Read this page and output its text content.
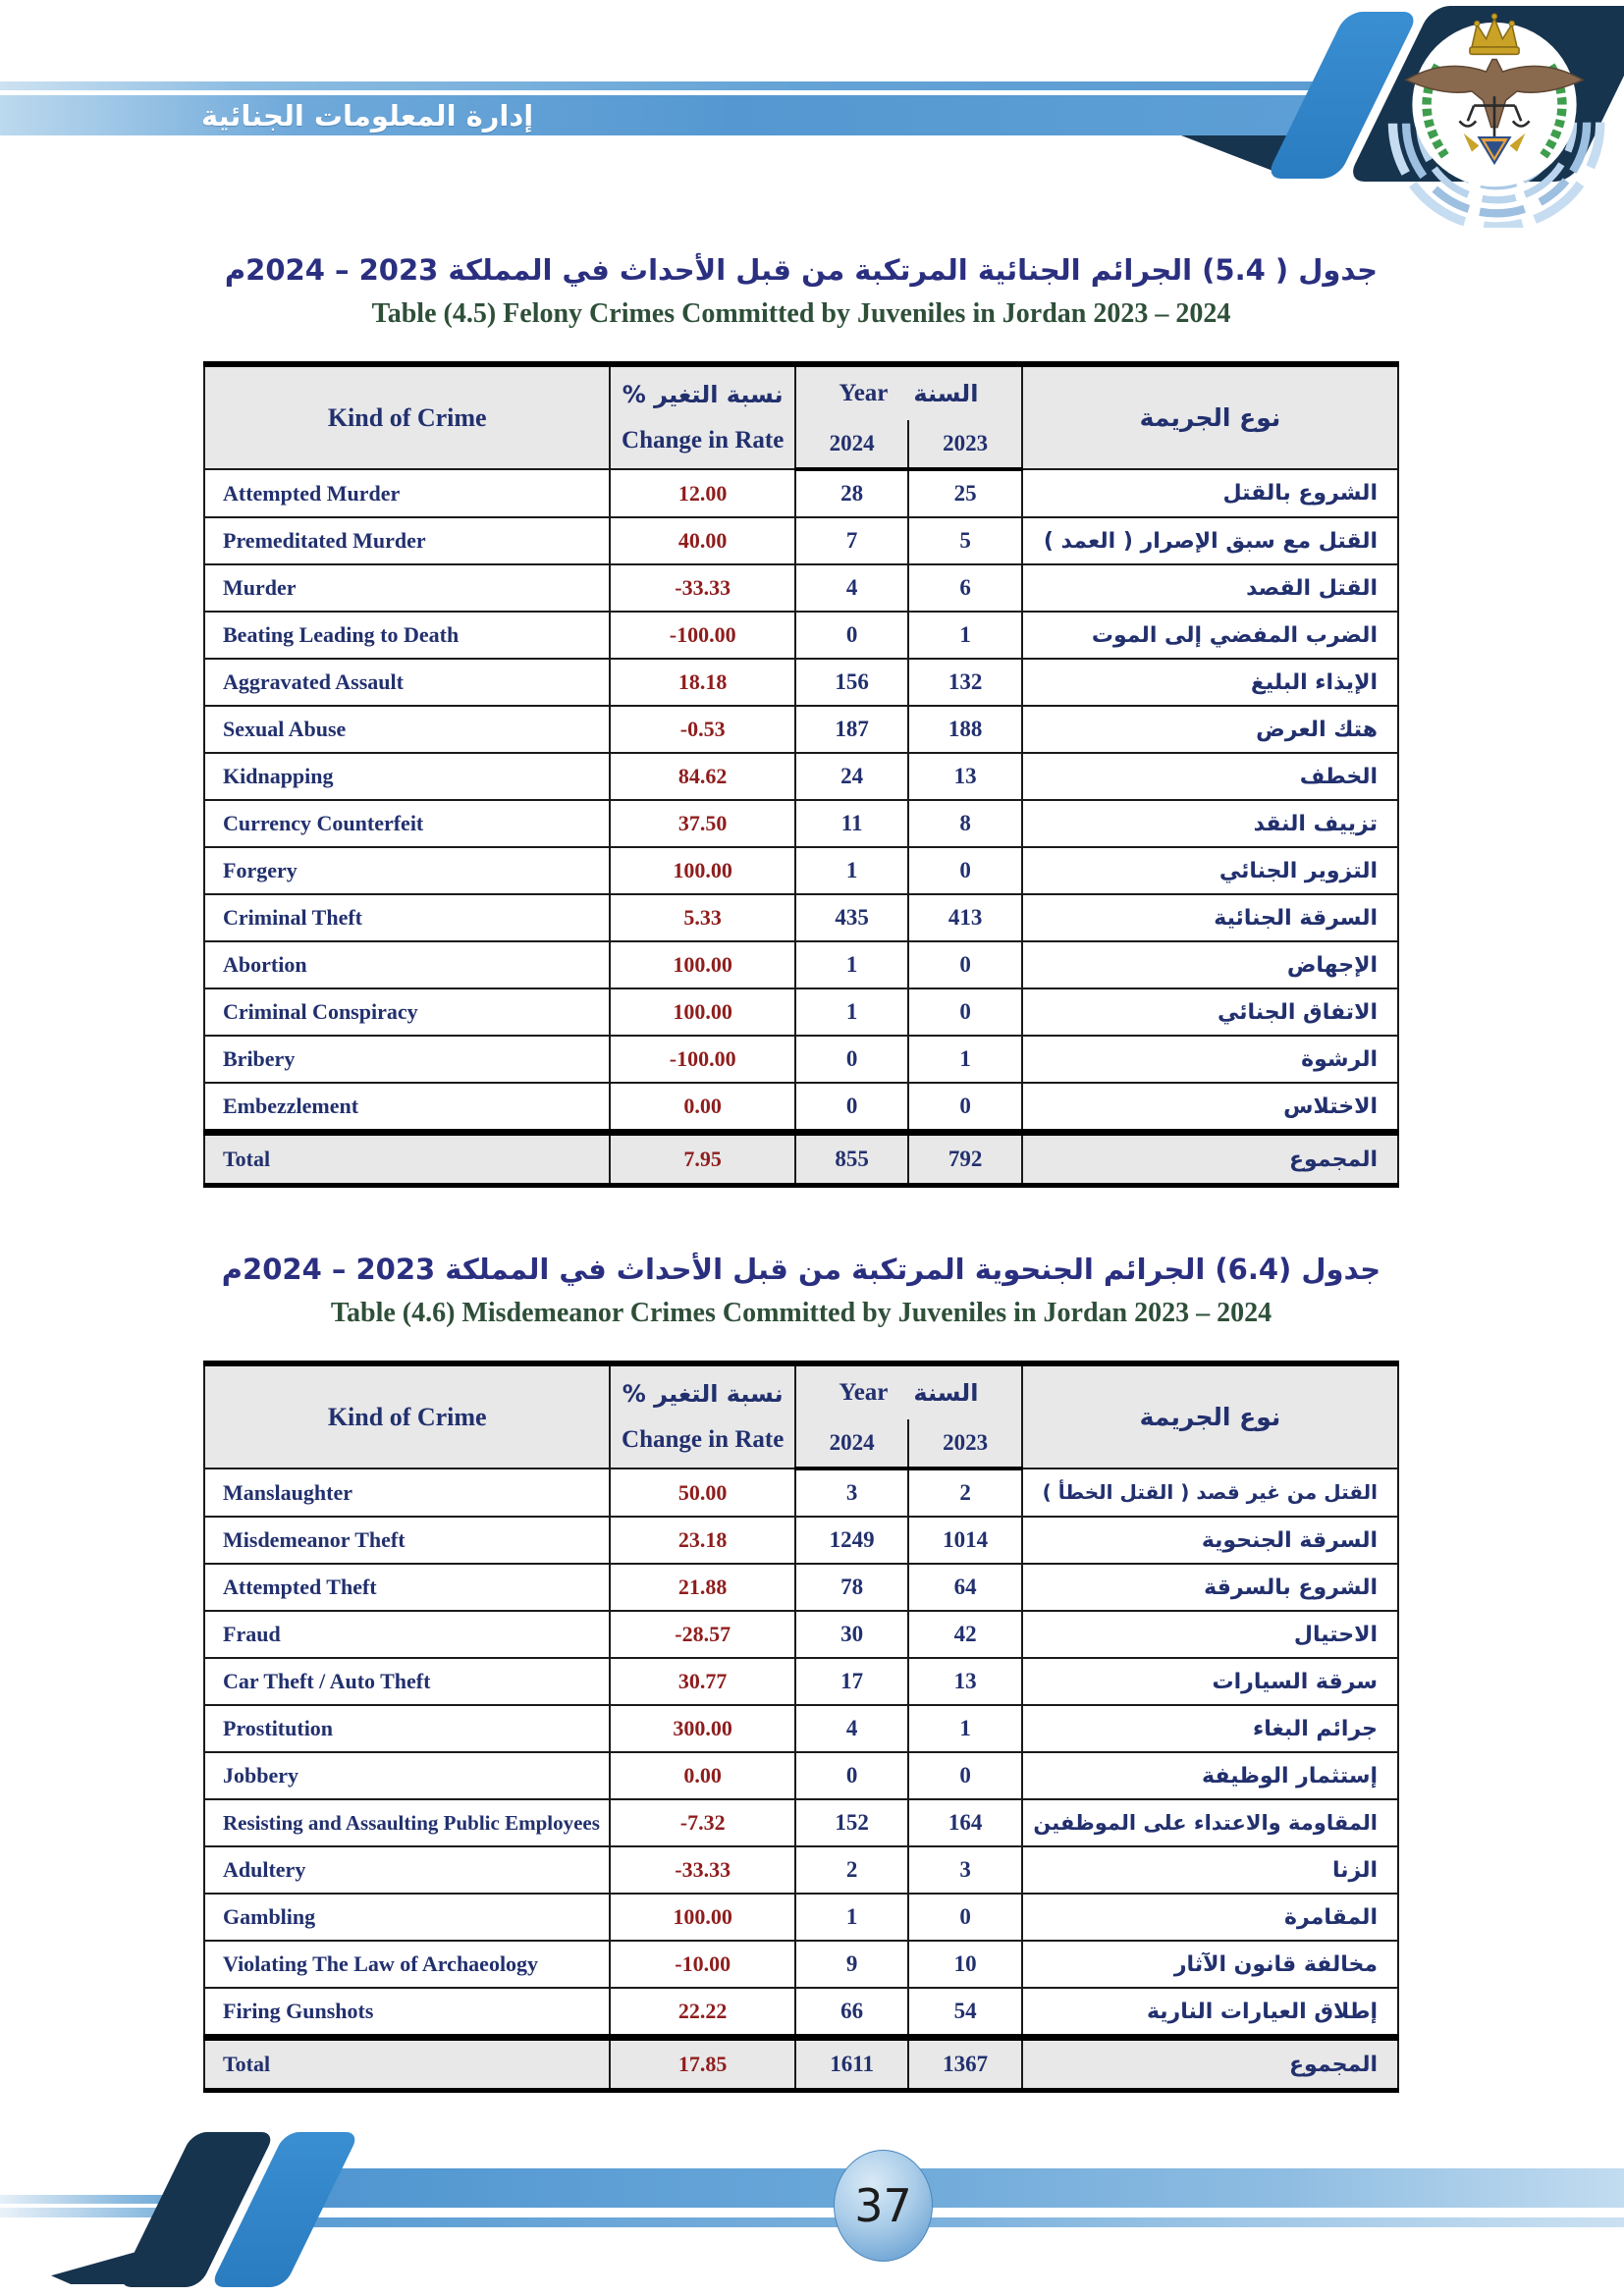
إدارة المعلومات الجنائية

جدول ( 5.4) الجرائم الجنائية المرتكبة من قبل الأحداث في المملكة 2023 – 2024م

Table (4.5) Felony Crimes Committed by Juveniles in Jordan 2023 – 2024

Kind of Crime	
نسبة التغير %
Change in Rate

Year السنة
	نوع الجريمة
		2024	2023	
Attempted Murder	12.00	28	25	الشروع بالقتل
Premeditated Murder	40.00	7	5	القتل مع سبق الإصرار ( العمد )
Murder	-33.33	4	6	القتل القصد
Beating Leading to Death	-100.00	0	1	الضرب المفضي إلى الموت
Aggravated Assault	18.18	156	132	الإيذاء البليغ
Sexual Abuse	-0.53	187	188	هتك العرض
Kidnapping	84.62	24	13	الخطف
Currency Counterfeit	37.50	11	8	تزييف النقد
Forgery	100.00	1	0	التزوير الجنائي
Criminal Theft	5.33	435	413	السرقة الجنائية
Abortion	100.00	1	0	الإجهاض
Criminal Conspiracy	100.00	1	0	الاتفاق الجنائي
Bribery	-100.00	0	1	الرشوة
Embezzlement	0.00	0	0	الاختلاس
Total	7.95	855	792	المجموع

جدول (6.4) الجرائم الجنحوية المرتكبة من قبل الأحداث في المملكة 2023 – 2024م

Table (4.6) Misdemeanor Crimes Committed by Juveniles in Jordan 2023 – 2024

Kind of Crime	
نسبة التغير %
Change in Rate

Year السنة
	نوع الجريمة
		2024	2023	
Manslaughter	50.00	3	2	القتل من غير قصد ( القتل الخطأ )
Misdemeanor Theft	23.18	1249	1014	السرقة الجنحوية
Attempted Theft	21.88	78	64	الشروع بالسرقة
Fraud	-28.57	30	42	الاحتيال
Car Theft / Auto Theft	30.77	17	13	سرقة السيارات
Prostitution	300.00	4	1	جرائم البغاء
Jobbery	0.00	0	0	إستثمار الوظيفة
Resisting and Assaulting Public Employees	-7.32	152	164	المقاومة والاعتداء على الموظفين
Adultery	-33.33	2	3	الزنا
Gambling	100.00	1	0	المقامرة
Violating The Law of Archaeology	-10.00	9	10	مخالفة قانون الآثار
Firing Gunshots	22.22	66	54	إطلاق العيارات النارية
Total	17.85	1611	1367	المجموع
37
